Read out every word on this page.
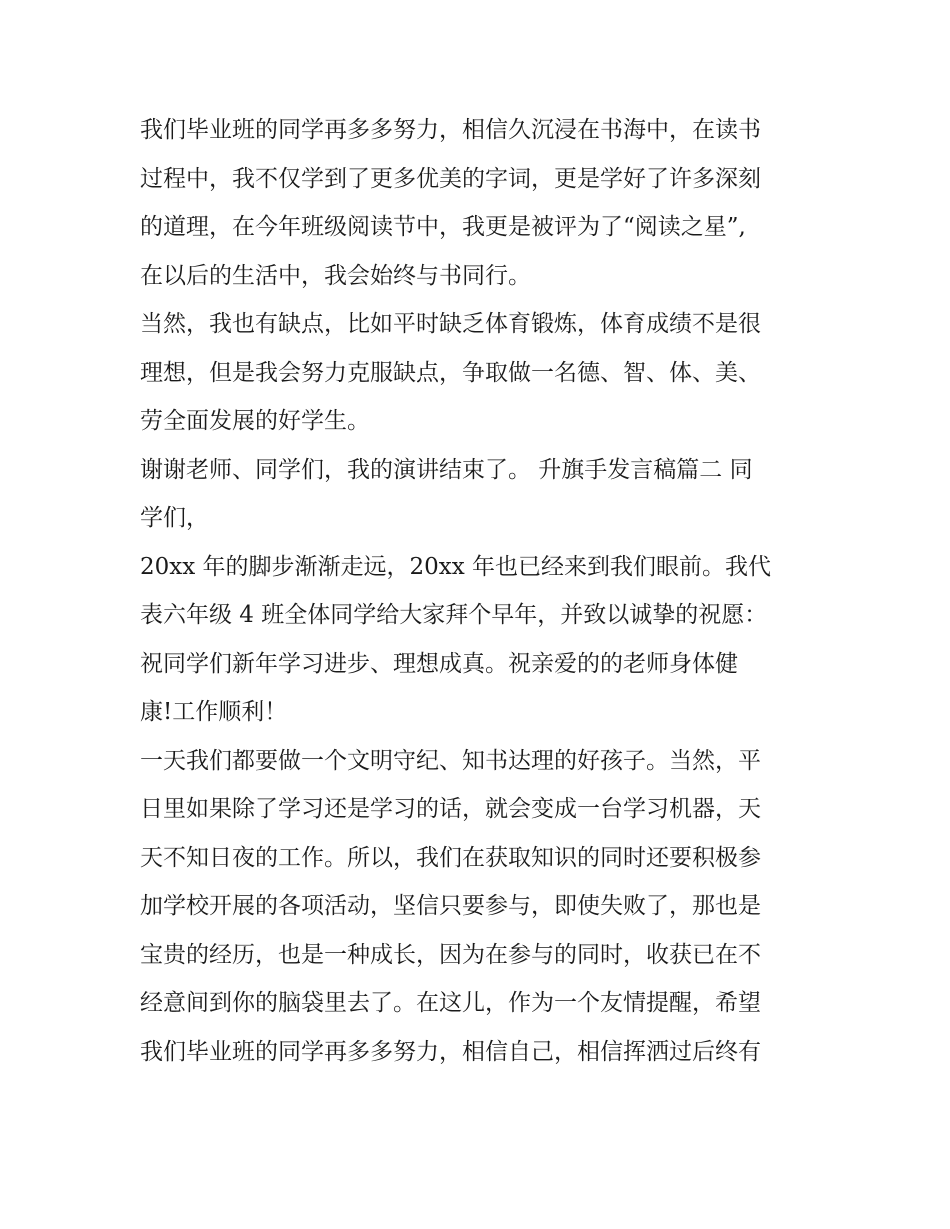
我们毕业班的同学再多多努力，相信久沉浸在书海中，在读书
过程中，我不仅学到了更多优美的字词，更是学好了许多深刻
的道理，在今年班级阅读节中，我更是被评为了“阅读之星”,
在以后的生活中，我会始终与书同行。
当然，我也有缺点，比如平时缺乏体育锻炼，体育成绩不是很
理想，但是我会努力克服缺点，争取做一名德、智、体、美、
劳全面发展的好学生。
谢谢老师、同学们，我的演讲结束了。 升旗手发言稿篇二 同
学们，
20xx 年的脚步渐渐走远，20xx 年也已经来到我们眼前。我代
表六年级 4 班全体同学给大家拜个早年，并致以诚挚的祝愿：
祝同学们新年学习进步、理想成真。祝亲爱的的老师身体健
康!工作顺利！
一天我们都要做一个文明守纪、知书达理的好孩子。当然，平
日里如果除了学习还是学习的话，就会变成一台学习机器，天
天不知日夜的工作。所以，我们在获取知识的同时还要积极参
加学校开展的各项活动，坚信只要参与，即使失败了，那也是
宝贵的经历，也是一种成长，因为在参与的同时，收获已在不
经意间到你的脑袋里去了。在这儿，作为一个友情提醒，希望
我们毕业班的同学再多多努力，相信自己，相信挥洒过后终有
